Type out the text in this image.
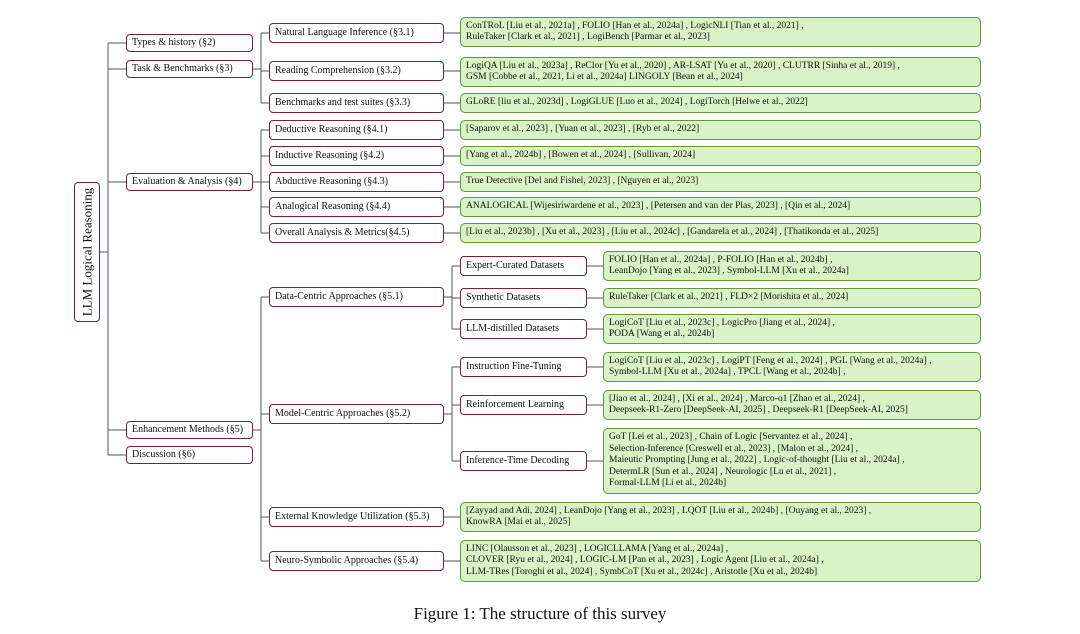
LLM Logical Reasoning
Types & history (§2)
Task & Benchmarks (§3)
Evaluation & Analysis (§4)
Enhancement Methods (§5)
Discussion (§6)
Natural Language Inference (§3.1)
Reading Comprehension (§3.2)
Benchmarks and test suites (§3.3)
Deductive Reasoning (§4.1)
Inductive Reasoning (§4.2)
Abductive Reasoning (§4.3)
Analogical Reasoning (§4.4)
Overall Analysis & Metrics(§4.5)
Data-Centric Approaches (§5.1)
Model-Centric Approaches (§5.2)
External Knowledge Utilization (§5.3)
Neuro-Symbolic Approaches (§5.4)
Expert-Curated Datasets
Synthetic Datasets
LLM-distilled Datasets
Instruction Fine-Tuning
Reinforcement Learning
Inference-Time Decoding
ConTRoL [Liu et al., 2021a] , FOLIO [Han et al., 2024a] , LogicNLI [Tian et al., 2021] ,
RuleTaker [Clark et al., 2021] , LogiBench [Parmar et al., 2023]
LogiQA [Liu et al., 2023a] , ReClor [Yu et al., 2020] , AR-LSAT [Yu et al., 2020] , CLUTRR [Sinha et al., 2019] ,
GSM [Cobbe et al., 2021, Li et al., 2024a] LINGOLY [Bean et al., 2024]
GLoRE [liu et al., 2023d] , LogiGLUE [Luo et al., 2024] , LogiTorch [Helwe et al., 2022]
[Saparov et al., 2023] , [Yuan et al., 2023] , [Ryb et al., 2022]
[Yang et al., 2024b] , [Bowen et al., 2024] , [Sullivan, 2024]
True Detective [Del and Fishel, 2023] , [Nguyen et al., 2023]
ANALOGICAL [Wijesiriwardene et al., 2023] , [Petersen and van der Plas, 2023] , [Qin et al., 2024]
[Liu et al., 2023b] , [Xu et al., 2023] , [Liu et al., 2024c] , [Gandarela et al., 2024] , [Thatikonda et al., 2025]
FOLIO [Han et al., 2024a] , P-FOLIO [Han et al., 2024b] ,
LeanDojo [Yang et al., 2023] , Symbol-LLM [Xu et al., 2024a]
RuleTaker [Clark et al., 2021] , FLD×2 [Morishita et al., 2024]
LogiCoT [Liu et al., 2023c] , LogicPro [Jiang et al., 2024] ,
PODA [Wang et al., 2024b]
LogiCoT [Liu et al., 2023c] , LogiPT [Feng et al., 2024] , PGL [Wang et al., 2024a] ,
Symbol-LLM [Xu et al., 2024a] , TPCL [Wang et al., 2024b] ,
[Jiao et al., 2024] , [Xi et al., 2024] , Marco-o1 [Zhao et al., 2024] ,
Deepseek-R1-Zero [DeepSeek-AI, 2025] , Deepseek-R1 [DeepSeek-AI, 2025]
GoT [Lei et al., 2023] , Chain of Logic [Servantez et al., 2024] ,
Selection-Inference [Creswell et al., 2023] , [Malon et al., 2024] ,
Maieutic Prompting [Jung et al., 2022] , Logic-of-thought [Liu et al., 2024a] ,
DetermLR [Sun et al., 2024] , Neurologic [Lu et al., 2021] ,
Formal-LLM [Li et al., 2024b]
[Zayyad and Adi, 2024] , LeanDojo [Yang et al., 2023] , LQOT [Liu et al., 2024b] , [Ouyang et al., 2023] ,
KnowRA [Mai et al., 2025]
LINC [Olausson et al., 2023] , LOGICLLAMA [Yang et al., 2024a] ,
CLOVER [Ryu et al., 2024] , LOGIC-LM [Pan et al., 2023] , Logic Agent [Liu et al., 2024a] ,
LLM-TRes [Toroghi et al., 2024] , SymbCoT [Xu et al., 2024c] , Aristotle [Xu et al., 2024b]
Figure 1: The structure of this survey
